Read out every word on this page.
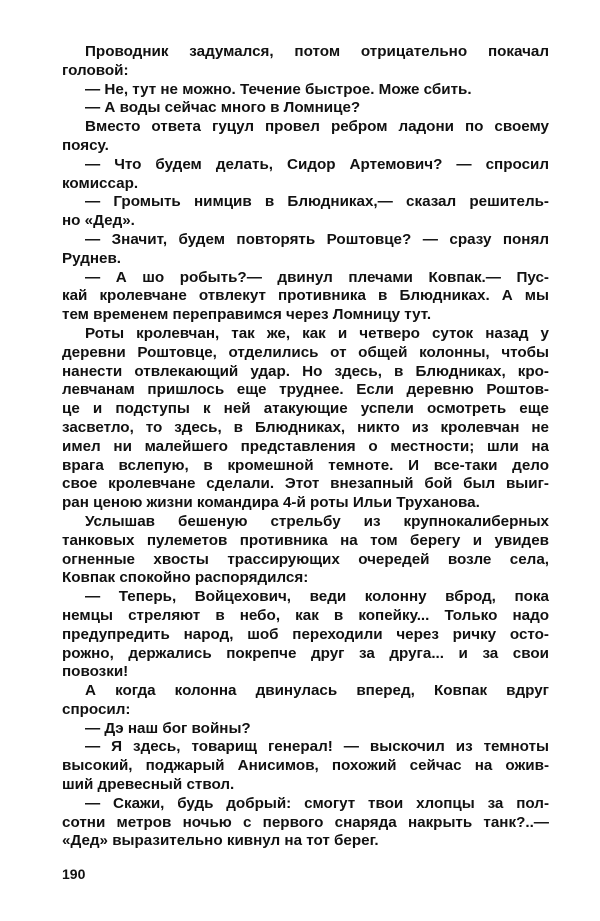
Проводник задумался, потом отрицательно покачал
головой:
— Не, тут не можно. Течение быстрое. Може сбить.
— А воды сейчас много в Ломнице?
Вместо ответа гуцул провел ребром ладони по своему
поясу.
— Что будем делать, Сидор Артемович? — спросил
комиссар.
— Громыть нимцив в Блюдниках,— сказал решитель-
но «Дед».
— Значит, будем повторять Роштовце? — сразу понял
Руднев.
— А шо робыть?— двинул плечами Ковпак.— Пус-
кай кролевчане отвлекут противника в Блюдниках. А мы
тем временем переправимся через Ломницу тут.
Роты кролевчан, так же, как и четверо суток назад у
деревни Роштовце, отделились от общей колонны, чтобы
нанести отвлекающий удар. Но здесь, в Блюдниках, кро-
левчанам пришлось еще труднее. Если деревню Роштов-
це и подступы к ней атакующие успели осмотреть еще
засветло, то здесь, в Блюдниках, никто из кролевчан не
имел ни малейшего представления о местности; шли на
врага вслепую, в кромешной темноте. И все-таки дело
свое кролевчане сделали. Этот внезапный бой был выиг-
ран ценою жизни командира 4-й роты Ильи Труханова.
Услышав бешеную стрельбу из крупнокалиберных
танковых пулеметов противника на том берегу и увидев
огненные хвосты трассирующих очередей возле села,
Ковпак спокойно распорядился:
— Теперь, Войцехович, веди колонну вброд, пока
немцы стреляют в небо, как в копейку... Только надо
предупредить народ, шоб переходили через ричку осто-
рожно, держались покрепче друг за друга... и за свои
повозки!
А когда колонна двинулась вперед, Ковпак вдруг
спросил:
— Дэ наш бог войны?
— Я здесь, товарищ генерал! — выскочил из темноты
высокий, поджарый Анисимов, похожий сейчас на ожив-
ший древесный ствол.
— Скажи, будь добрый: смогут твои хлопцы за пол-
сотни метров ночью с первого снаряда накрыть танк?..—
«Дед» выразительно кивнул на тот берег.
190
